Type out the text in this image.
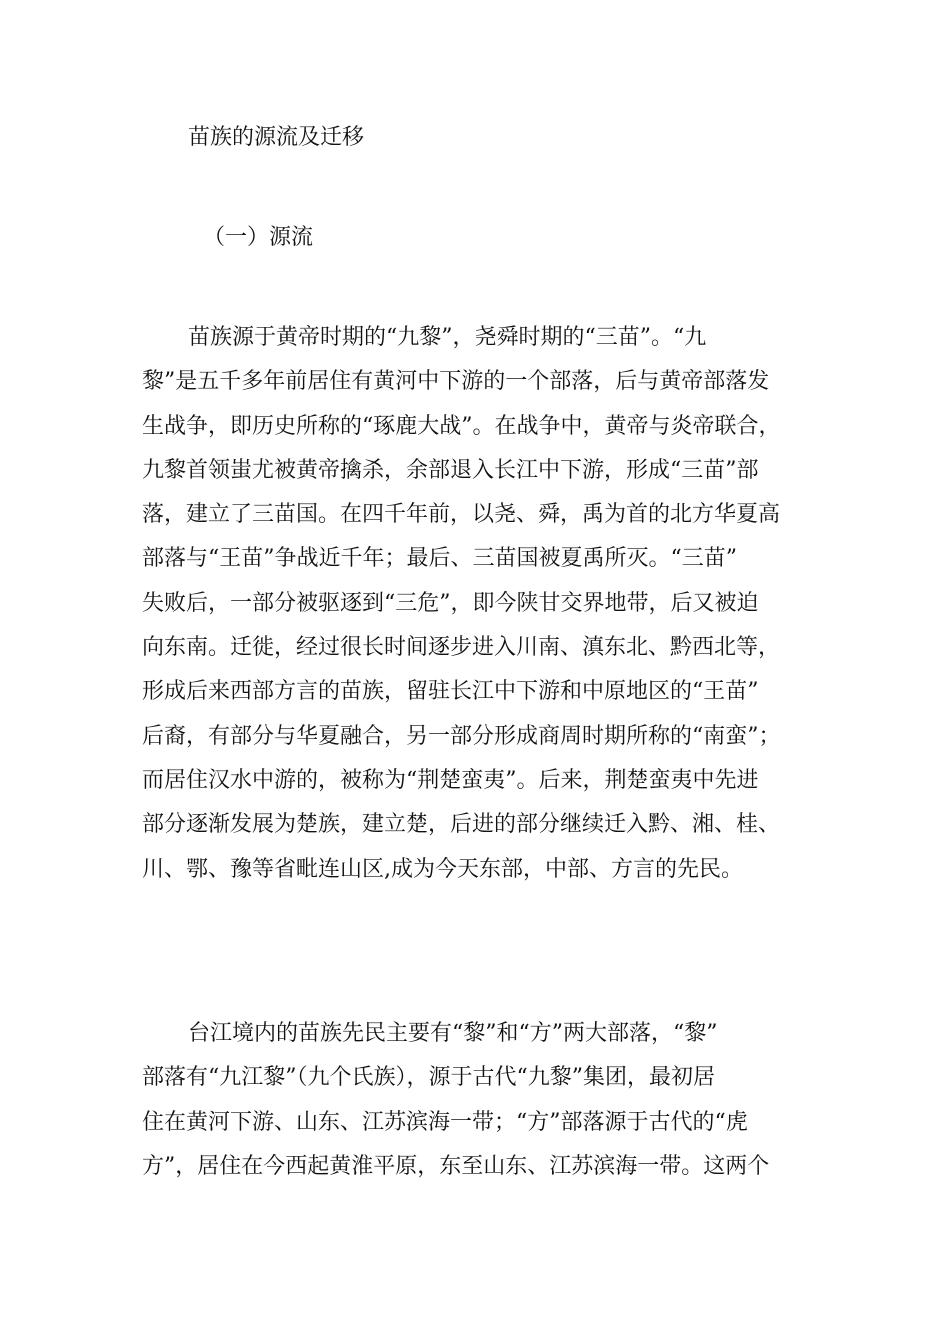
苗族的源流及迁移
（一）源流
苗族源于黄帝时期的“九黎”，尧舜时期的“三苗”。“九
黎”是五千多年前居住有黄河中下游的一个部落，后与黄帝部落发
生战争，即历史所称的“琢鹿大战”。在战争中，黄帝与炎帝联合，
九黎首领蚩尤被黄帝擒杀，余部退入长江中下游，形成“三苗”部
落，建立了三苗国。在四千年前，以尧、舜，禹为首的北方华夏高
部落与“王苗”争战近千年；最后、三苗国被夏禹所灭。“三苗”
失败后，一部分被驱逐到“三危”，即今陕甘交界地带，后又被迫
向东南。迁徙，经过很长时间逐步进入川南、滇东北、黔西北等，
形成后来西部方言的苗族，留驻长江中下游和中原地区的“王苗”
后裔，有部分与华夏融合，另一部分形成商周时期所称的“南蛮”；
而居住汉水中游的，被称为“荆楚蛮夷”。后来，荆楚蛮夷中先进
部分逐渐发展为楚族，建立楚，后进的部分继续迁入黔、湘、桂、
川、鄂、豫等省毗连山区,成为今天东部，中部、方言的先民。
台江境内的苗族先民主要有“黎”和“方”两大部落，“黎”
部落有“九江黎”（九个氏族），源于古代“九黎”集团，最初居
住在黄河下游、山东、江苏滨海一带；“方”部落源于古代的“虎
方”，居住在今西起黄淮平原，东至山东、江苏滨海一带。这两个
